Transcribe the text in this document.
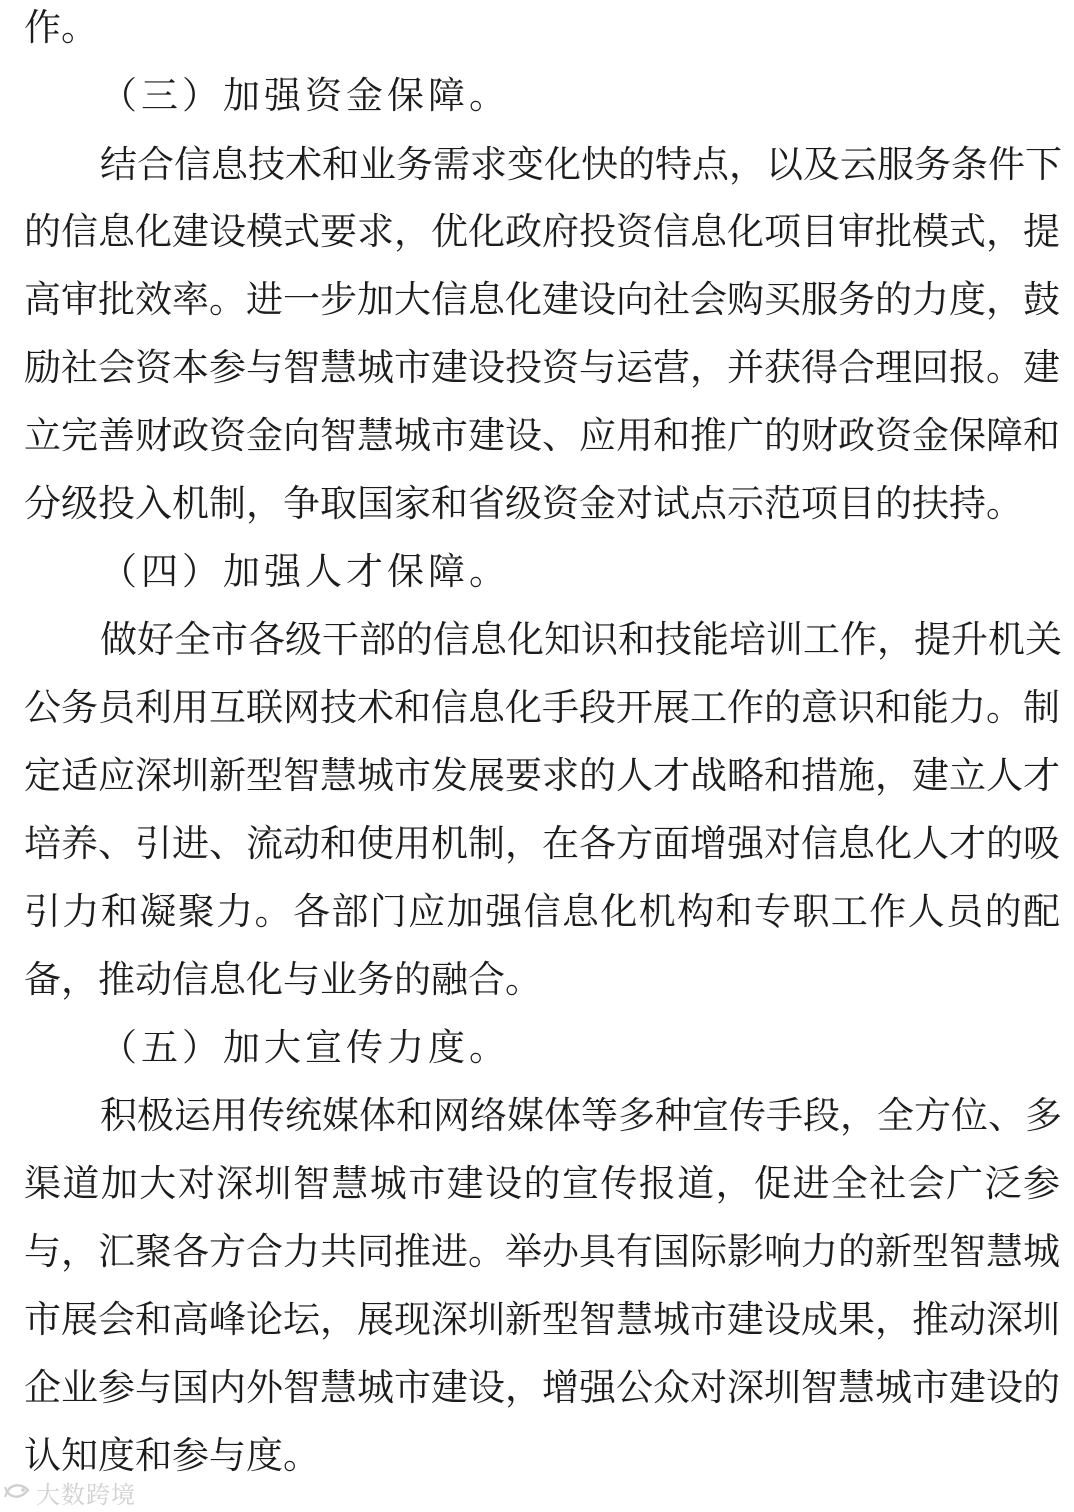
作。
（三）加强资金保障。
结合信息技术和业务需求变化快的特点，以及云服务条件下
的信息化建设模式要求，优化政府投资信息化项目审批模式，提
高审批效率。进一步加大信息化建设向社会购买服务的力度，鼓
励社会资本参与智慧城市建设投资与运营，并获得合理回报。建
立完善财政资金向智慧城市建设、应用和推广的财政资金保障和
分级投入机制，争取国家和省级资金对试点示范项目的扶持。
（四）加强人才保障。
做好全市各级干部的信息化知识和技能培训工作，提升机关
公务员利用互联网技术和信息化手段开展工作的意识和能力。制
定适应深圳新型智慧城市发展要求的人才战略和措施，建立人才
培养、引进、流动和使用机制，在各方面增强对信息化人才的吸
引力和凝聚力。各部门应加强信息化机构和专职工作人员的配
备，推动信息化与业务的融合。
（五）加大宣传力度。
积极运用传统媒体和网络媒体等多种宣传手段，全方位、多
渠道加大对深圳智慧城市建设的宣传报道，促进全社会广泛参
与，汇聚各方合力共同推进。举办具有国际影响力的新型智慧城
市展会和高峰论坛，展现深圳新型智慧城市建设成果，推动深圳
企业参与国内外智慧城市建设，增强公众对深圳智慧城市建设的
认知度和参与度。
大数跨境
